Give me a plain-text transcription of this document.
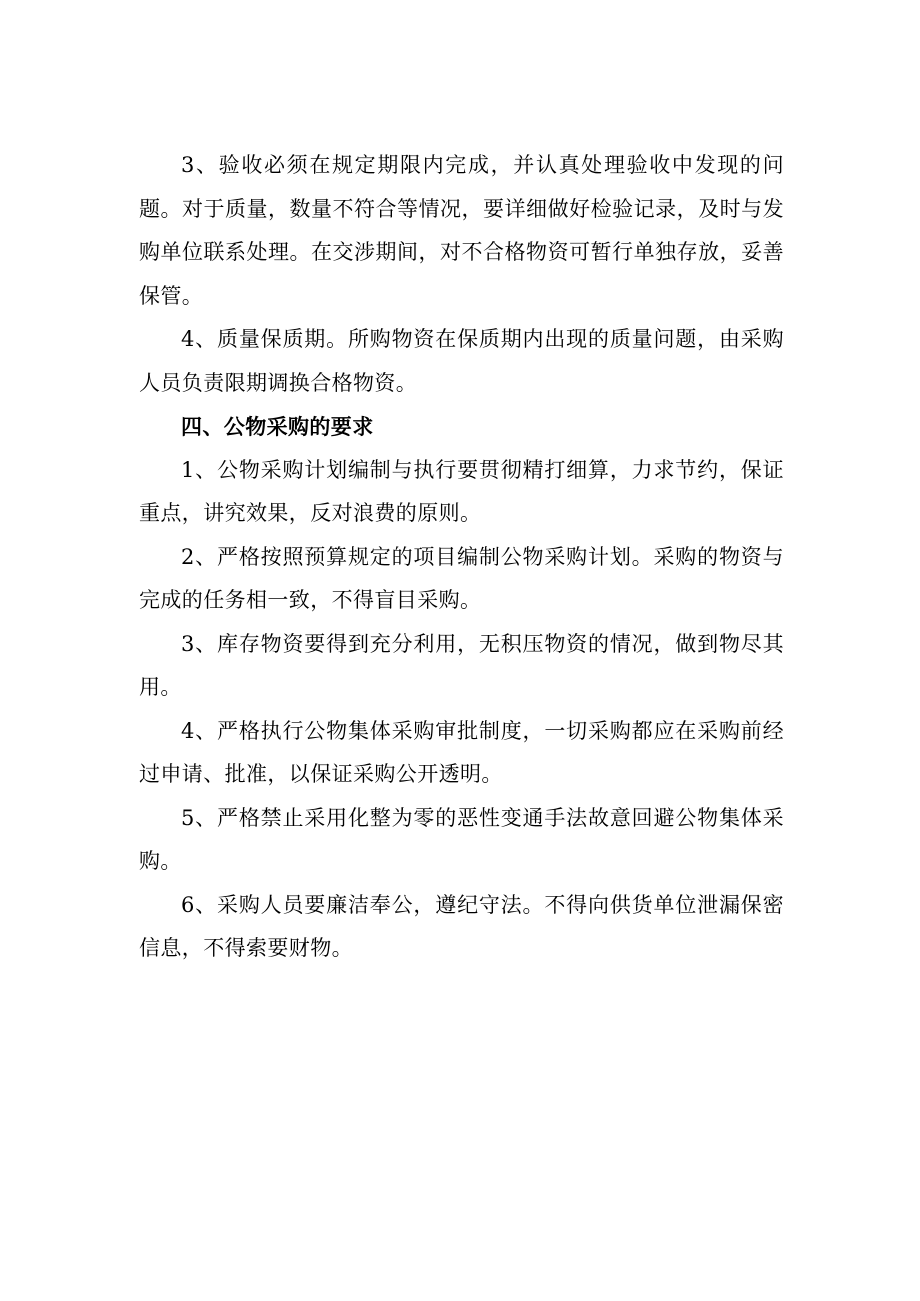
3、验收必须在规定期限内完成，并认真处理验收中发现的问题。对于质量，数量不符合等情况，要详细做好检验记录，及时与发购单位联系处理。在交涉期间，对不合格物资可暂行单独存放，妥善保管。

4、质量保质期。所购物资在保质期内出现的质量问题，由采购人员负责限期调换合格物资。

四、公物采购的要求

1、公物采购计划编制与执行要贯彻精打细算，力求节约，保证重点，讲究效果，反对浪费的原则。

2、严格按照预算规定的项目编制公物采购计划。采购的物资与完成的任务相一致，不得盲目采购。

3、库存物资要得到充分利用，无积压物资的情况，做到物尽其用。

4、严格执行公物集体采购审批制度，一切采购都应在采购前经过申请、批准，以保证采购公开透明。

5、严格禁止采用化整为零的恶性变通手法故意回避公物集体采购。

6、采购人员要廉洁奉公，遵纪守法。不得向供货单位泄漏保密信息，不得索要财物。
